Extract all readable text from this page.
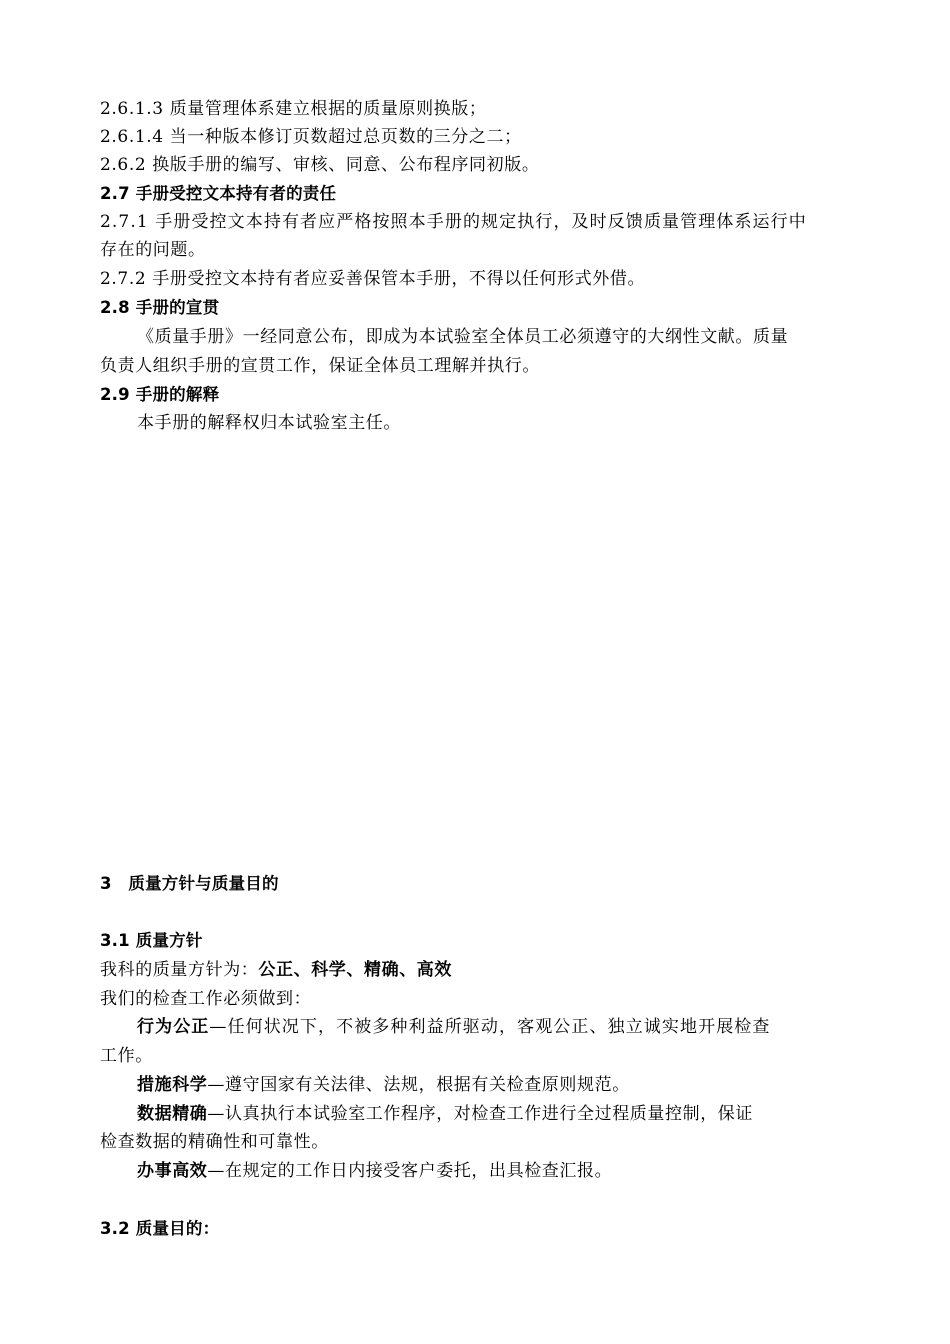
2.6.1.3 质量管理体系建立根据的质量原则换版；
2.6.1.4 当一种版本修订页数超过总页数的三分之二；
2.6.2 换版手册的编写、审核、同意、公布程序同初版。
2.7 手册受控文本持有者的责任
2.7.1 手册受控文本持有者应严格按照本手册的规定执行，及时反馈质量管理体系运行中
存在的问题。
2.7.2 手册受控文本持有者应妥善保管本手册，不得以任何形式外借。
2.8 手册的宣贯
《质量手册》一经同意公布，即成为本试验室全体员工必须遵守的大纲性文献。质量
负责人组织手册的宣贯工作，保证全体员工理解并执行。
2.9 手册的解释
本手册的解释权归本试验室主任。
3　质量方针与质量目的
3.1 质量方针
我科的质量方针为：公正、科学、精确、高效
我们的检查工作必须做到：
行为公正—任何状况下，不被多种利益所驱动，客观公正、独立诚实地开展检查
工作。
措施科学—遵守国家有关法律、法规，根据有关检查原则规范。
数据精确—认真执行本试验室工作程序，对检查工作进行全过程质量控制，保证
检查数据的精确性和可靠性。
办事高效—在规定的工作日内接受客户委托，出具检查汇报。
3.2 质量目的：
